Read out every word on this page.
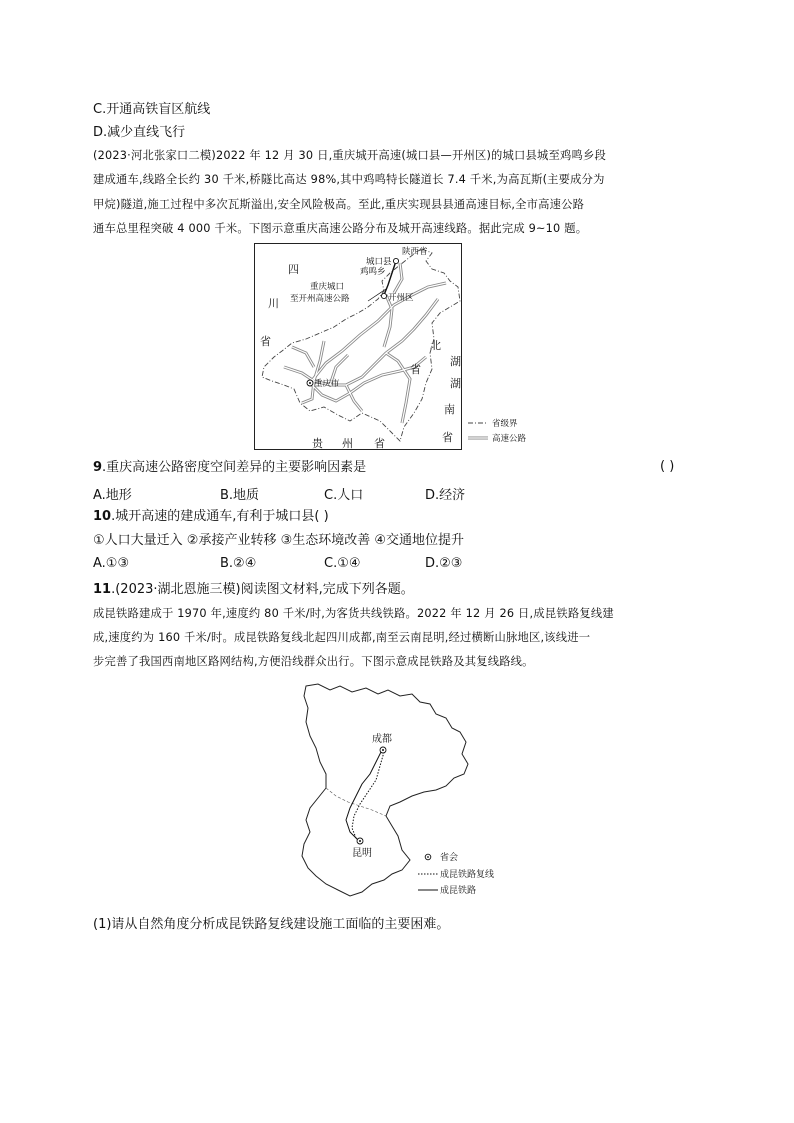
C.开通高铁盲区航线
D.减少直线飞行
(2023·河北张家口二模)2022 年 12 月 30 日,重庆城开高速(城口县—开州区)的城口县城至鸡鸣乡段
建成通车,线路全长约 30 千米,桥隧比高达 98%,其中鸡鸣特长隧道长 7.4 千米,为高瓦斯(主要成分为
甲烷)隧道,施工过程中多次瓦斯溢出,安全风险极高。至此,重庆实现县县通高速目标,全市高速公路
通车总里程突破 4 000 千米。下图示意重庆高速公路分布及城开高速线路。据此完成 9~10 题。
四
川
省
湖
北
省
湖
南
省
贵 州 省
陕西省
城口县
鸡鸣乡
重庆城口
至开州高速公路	开州区
重庆市
省级界
高速公路
9.重庆高速公路密度空间差异的主要影响因素是	( )
A.地形	B.地质	C.人口	D.经济
10.城开高速的建成通车,有利于城口县( )
①人口大量迁入 ②承接产业转移 ③生态环境改善 ④交通地位提升
A.①③	B.②④	C.①④	D.②③
11.(2023·湖北恩施三模)阅读图文材料,完成下列各题。
成昆铁路建成于 1970 年,速度约 80 千米/时,为客货共线铁路。2022 年 12 月 26 日,成昆铁路复线建
成,速度约为 160 千米/时。成昆铁路复线北起四川成都,南至云南昆明,经过横断山脉地区,该线进一
步完善了我国西南地区路网结构,方便沿线群众出行。下图示意成昆铁路及其复线路线。
成都
昆明	省会
成昆铁路复线
成昆铁路
(1)请从自然角度分析成昆铁路复线建设施工面临的主要困难。
